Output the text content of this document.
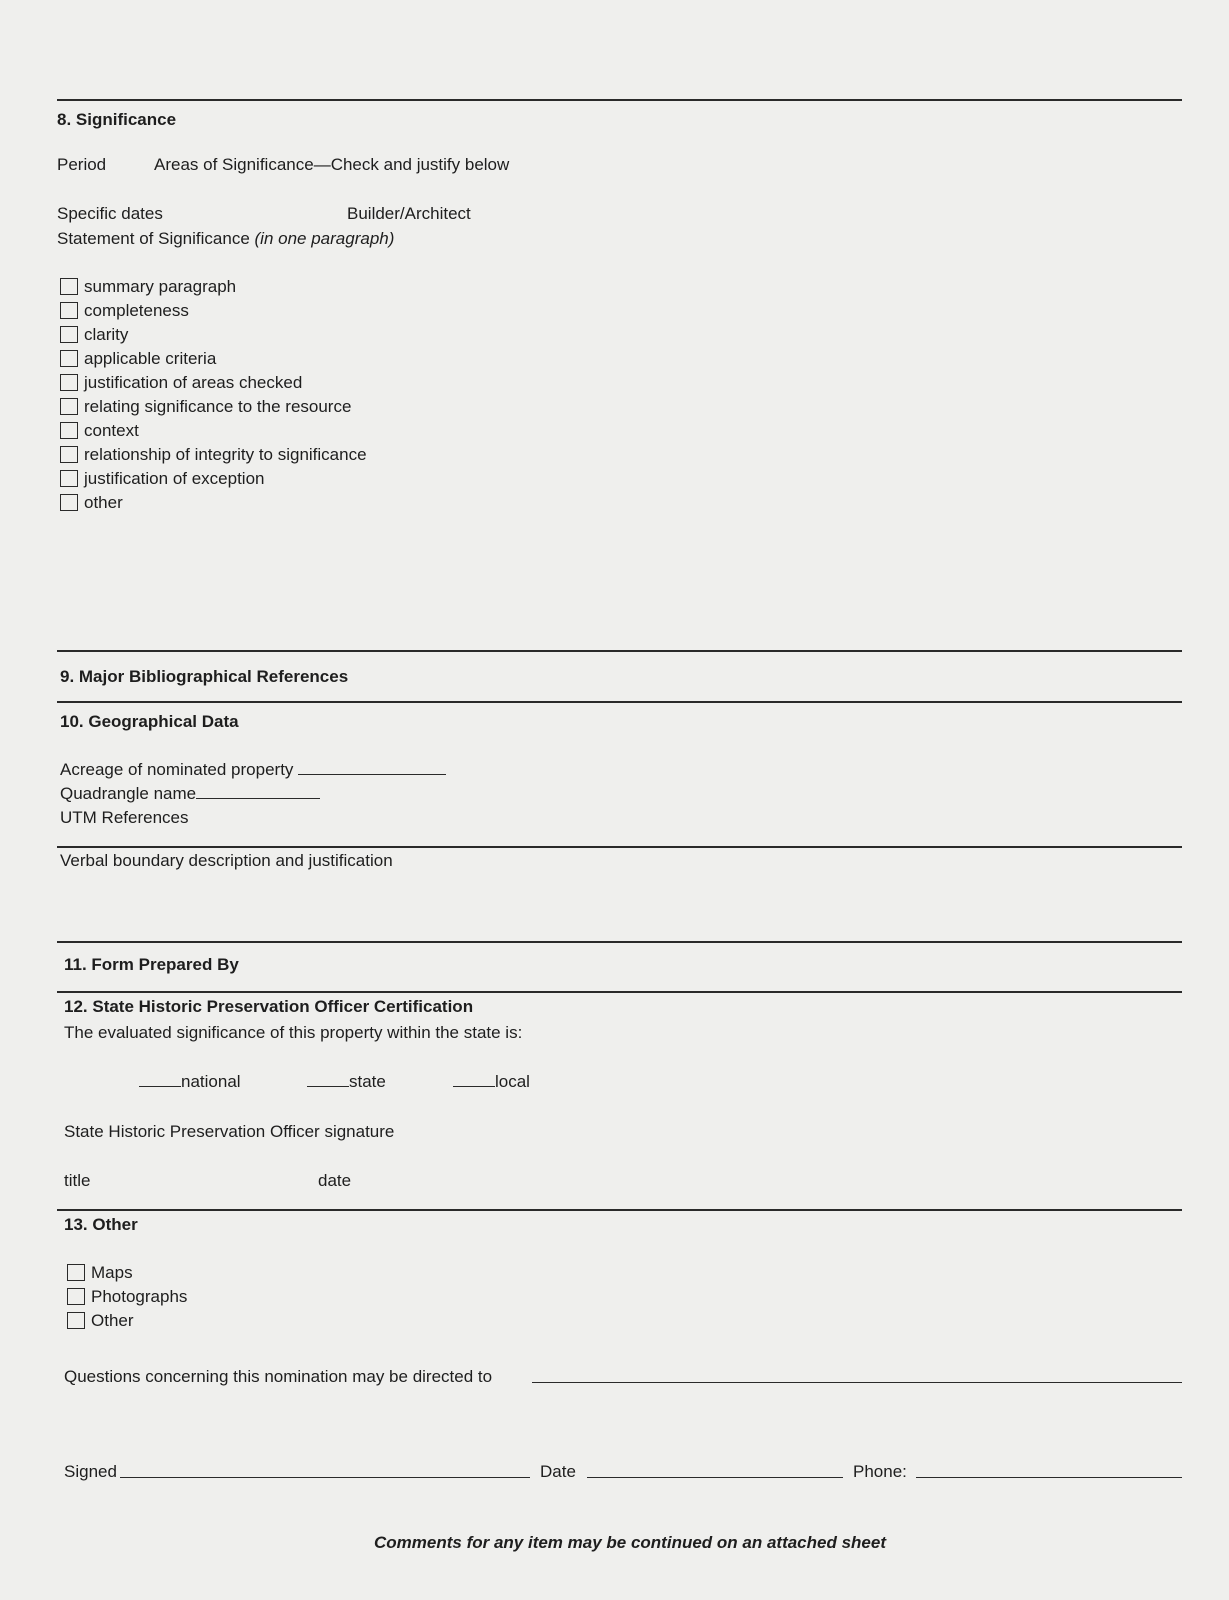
8. Significance
Period	Areas of Significance—Check and justify below
Specific dates	Builder/Architect
Statement of Significance (in one paragraph)
summary paragraph
completeness
clarity
applicable criteria
justification of areas checked
relating significance to the resource
context
relationship of integrity to significance
justification of exception
other
9. Major Bibliographical References
10. Geographical Data
Acreage of nominated property
Quadrangle name
UTM References
Verbal boundary description and justification
11. Form Prepared By
12. State Historic Preservation Officer Certification
The evaluated significance of this property within the state is:
national	state	local
State Historic Preservation Officer signature
title	date
13. Other
Maps
Photographs
Other
Questions concerning this nomination may be directed to
Signed	Date	Phone:
Comments for any item may be continued on an attached sheet
